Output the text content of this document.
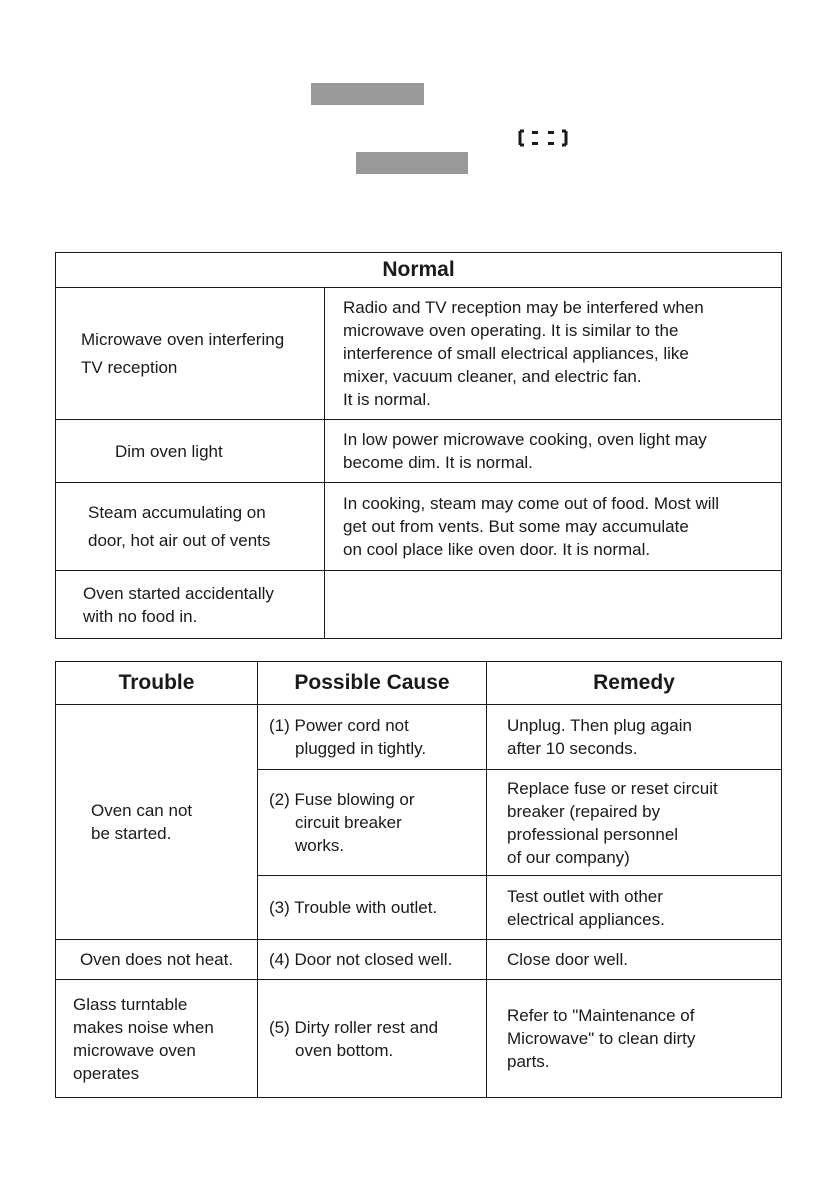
Normal	

Microwave oven interfering
TV reception	Radio and TV reception may be interfered when
microwave oven operating. It is similar to the
interference of small electrical appliances, like
mixer, vacuum cleaner, and electric fan.
It is normal.

Dim oven light	In low power microwave cooking, oven light may
become dim. It is normal.

Steam accumulating on
door, hot air out of vents	In cooking, steam may come out of food. Most will
get out from vents. But some may accumulate
on cool place like oven door. It is normal.

Oven started accidentally
with no food in.	

Trouble	Possible Cause	Remedy

Oven can not
be started.	(1) Power cord not
plugged in tightly.	Unplug. Then plug again
after 10 seconds.

	(2) Fuse blowing or
circuit breaker
works.	Replace fuse or reset circuit
breaker (repaired by
professional personnel
of our company)

	(3) Trouble with outlet.	Test outlet with other
electrical appliances.

Oven does not heat.	(4) Door not closed well.	Close door well.

Glass turntable
makes noise when
microwave oven
operates	(5) Dirty roller rest and
oven bottom.	Refer to "Maintenance of
Microwave" to clean dirty
parts.
